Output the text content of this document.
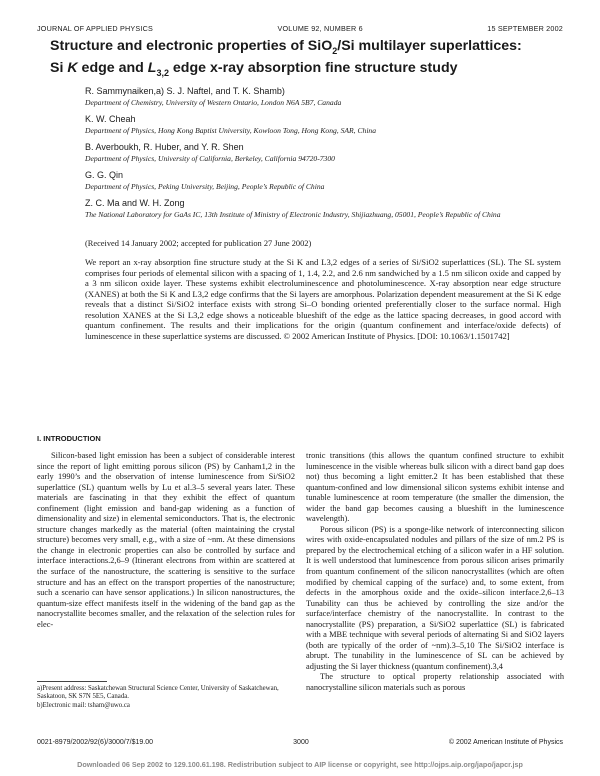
JOURNAL OF APPLIED PHYSICS	VOLUME 92, NUMBER 6	15 SEPTEMBER 2002
Structure and electronic properties of SiO$_2$/Si multilayer superlattices:
Si K edge and $L_{3,2}$ edge x-ray absorption fine structure study
R. Sammynaiken,a) S. J. Naftel, and T. K. Shamb)
Department of Chemistry, University of Western Ontario, London N6A 5B7, Canada
K. W. Cheah
Department of Physics, Hong Kong Baptist University, Kowloon Tong, Hong Kong, SAR, China
B. Averboukh, R. Huber, and Y. R. Shen
Department of Physics, University of California, Berkeley, California 94720-7300
G. G. Qin
Department of Physics, Peking University, Beijing, People’s Republic of China
Z. C. Ma and W. H. Zong
The National Laboratory for GaAs IC, 13th Institute of Ministry of Electronic Industry, Shijiazhuang, 05001, People’s Republic of China
(Received 14 January 2002; accepted for publication 27 June 2002)
We report an x-ray absorption fine structure study at the Si K and L3,2 edges of a series of Si/SiO2 superlattices (SL). The SL system comprises four periods of elemental silicon with a spacing of 1, 1.4, 2.2, and 2.6 nm sandwiched by a 1.5 nm silicon oxide and capped by a 3 nm silicon oxide layer. These systems exhibit electroluminescence and photoluminescence. X-ray absorption near edge structure (XANES) at both the Si K and L3,2 edge confirms that the Si layers are amorphous. Polarization dependent measurement at the Si K edge reveals that a distinct Si/SiO2 interface exists with strong Si–O bonding oriented preferentially closer to the surface normal. High resolution XANES at the Si L3,2 edge shows a noticeable blueshift of the edge as the lattice spacing decreases, in good accord with quantum confinement. The results and their implications for the origin (quantum confinement and interface/oxide defects) of luminescence in these superlattice systems are discussed. © 2002 American Institute of Physics. [DOI: 10.1063/1.1501742]
I. INTRODUCTION

Silicon-based light emission has been a subject of considerable interest since the report of light emitting porous silicon (PS) by Canham1,2 in the early 1990’s and the observation of intense luminescence from Si/SiO2 superlattice (SL) quantum wells by Lu et al.3–5 several years later. These materials are fascinating in that they exhibit the effect of quantum confinement (light emission and band-gap widening as a function of dimensionality and size) in elemental semiconductors. That is, the electronic structure changes markedly as the material (often maintaining the crystal structure) becomes very small, e.g., with a size of ~nm. At these dimensions the change in electronic properties can also be controlled by surface and interface interactions.2,6–9 (Itinerant electrons from within are scattered at the surface of the nanostructure, the scattering is sensitive to the surface structure and has an effect on the transport properties of the nanostructure; such a scenario can have sensor applications.) In silicon nanostructures, the quantum-size effect manifests itself in the widening of the band gap as the nanocrystallite becomes smaller, and the relaxation of the selection rules for elec-

tronic transitions (this allows the quantum confined structure to exhibit luminescence in the visible whereas bulk silicon with a direct band gap does not) thus becoming a light emitter.2 It has been established that these quantum-confined and low dimensional silicon systems exhibit intense and tunable luminescence at room temperature (the smaller the dimension, the wider the band gap becomes causing a blueshift in the luminescence wavelength).

Porous silicon (PS) is a sponge-like network of interconnecting silicon wires with oxide-encapsulated nodules and pillars of the size of nm.2 PS is prepared by the electrochemical etching of a silicon wafer in a HF solution. It is well understood that luminescence from porous silicon arises primarily from quantum confinement of the silicon nanocrystallites (which are often modified by chemical capping of the surface) and, to some extent, from defects in the amorphous oxide and the oxide–silicon interface.2,6–13 Tunability can thus be achieved by controlling the size and/or the surface/interface chemistry of the nanocrystallite. In contrast to the nanocrystallite (PS) preparation, a Si/SiO2 superlattice (SL) is fabricated with a MBE technique with several periods of alternating Si and SiO2 layers (both are typically of the order of ~nm).3–5,10 The Si/SiO2 interface is abrupt. The tunability in the luminescence of SL can be achieved by adjusting the Si layer thickness (quantum confinement).3,4

The structure to optical property relationship associated with nanocrystalline silicon materials such as porous

a)Present address: Saskatchewan Structural Science Center, University of Saskatchewan, Saskatoon, SK S7N 5E5, Canada.
b)Electronic mail: tsham@uwo.ca
0021-8979/2002/92(6)/3000/7/$19.00	3000	© 2002 American Institute of Physics
Downloaded 06 Sep 2002 to 129.100.61.198. Redistribution subject to AIP license or copyright, see http://ojps.aip.org/japo/japcr.jsp
